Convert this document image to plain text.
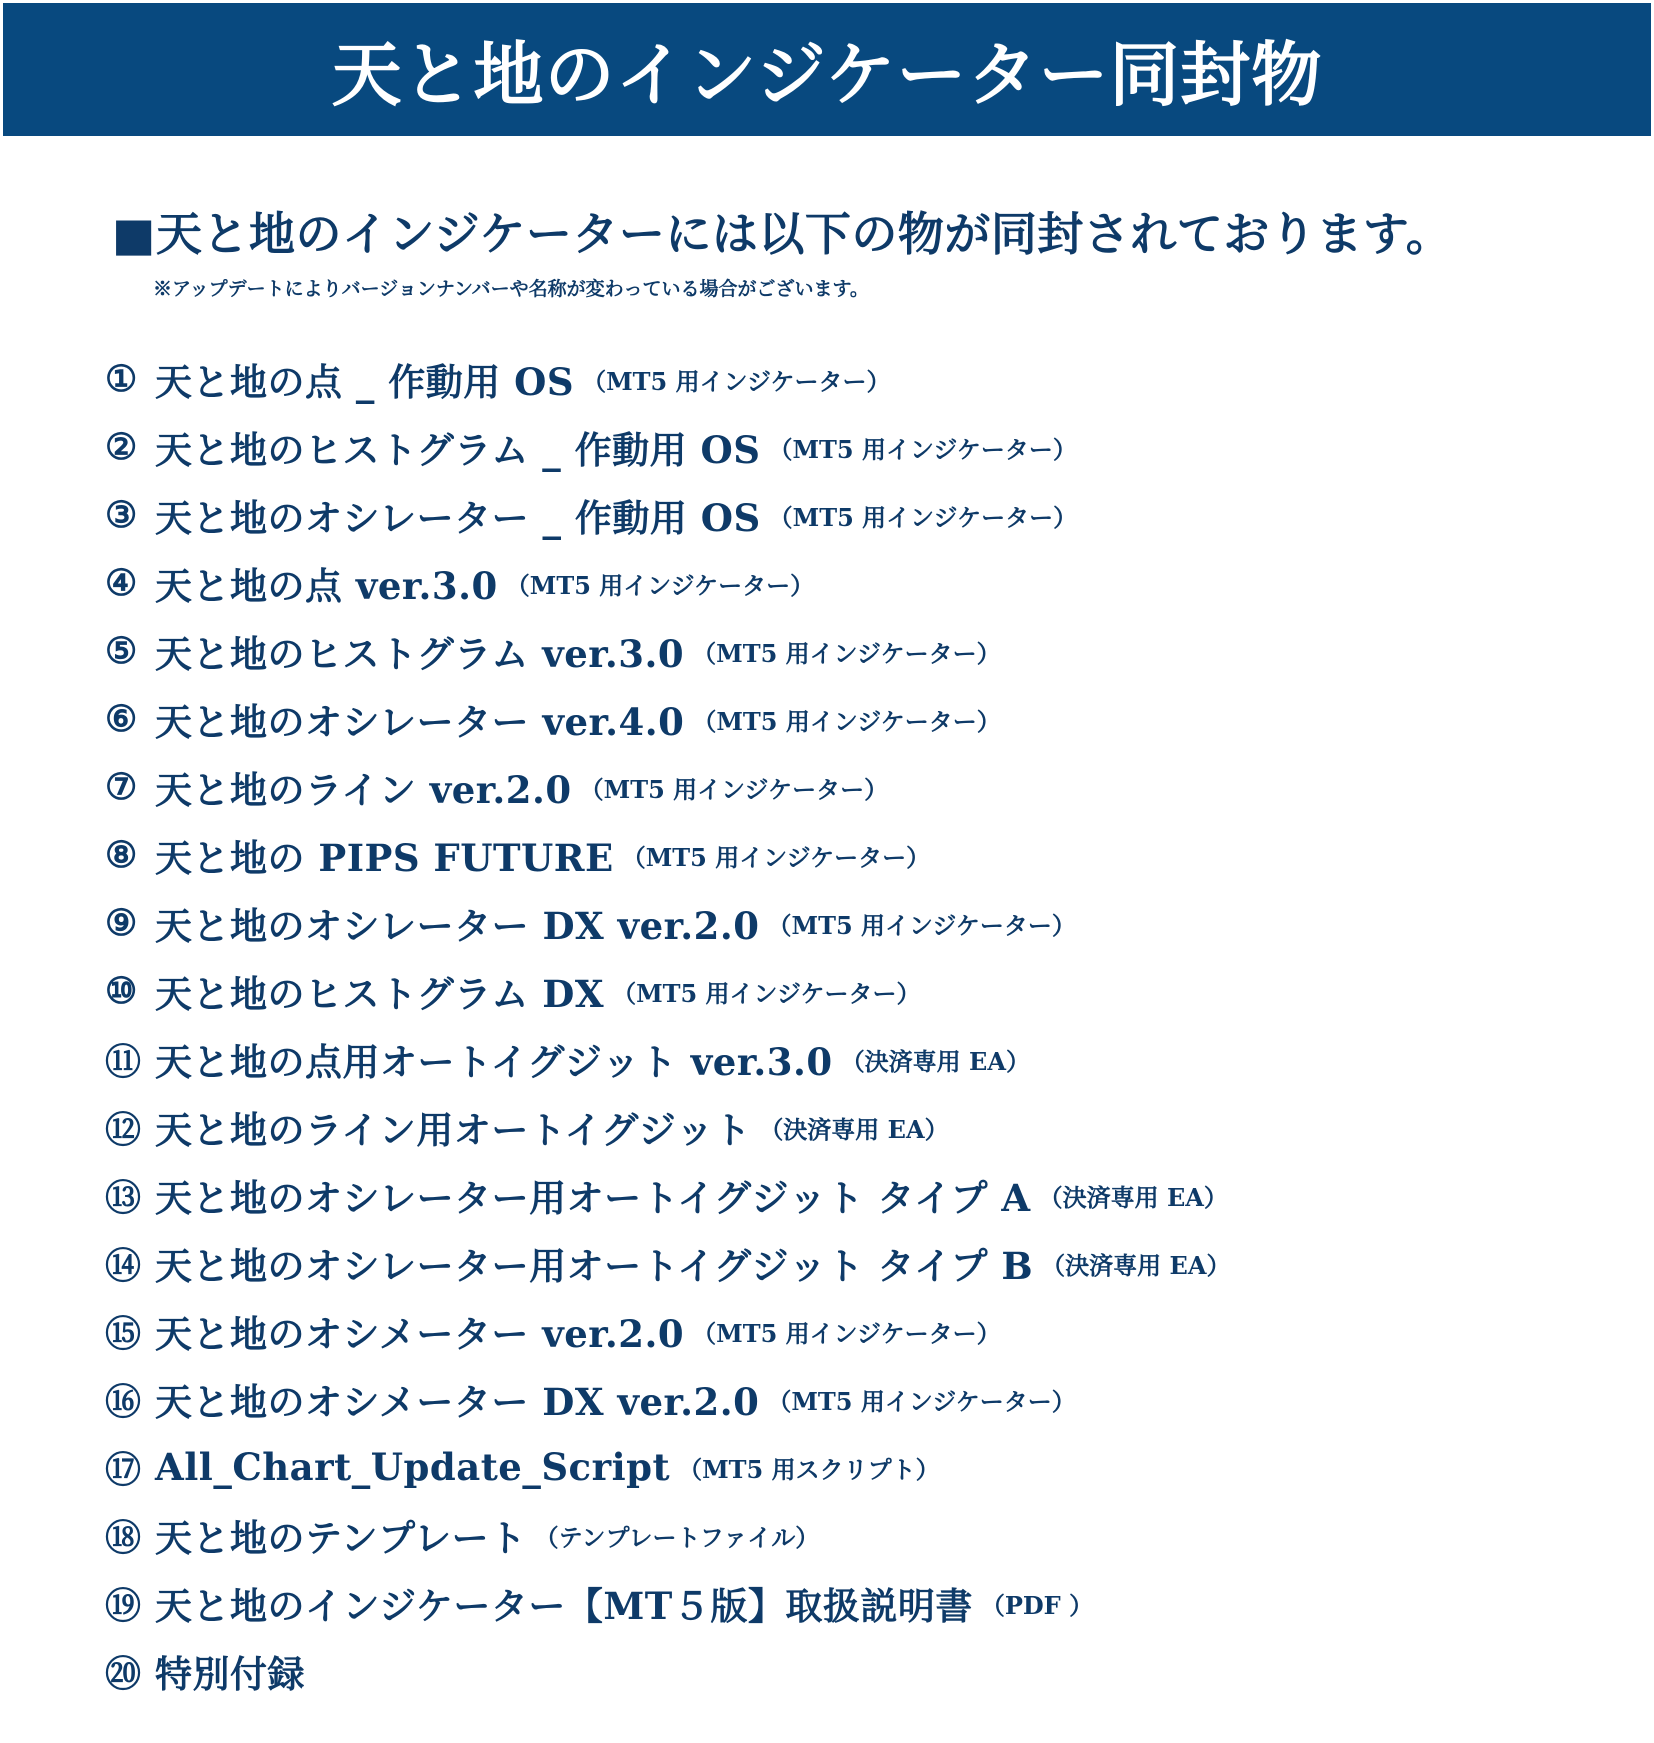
天と地のインジケーター同封物
■天と地のインジケーターには以下の物が同封されております。
※アップデートによりバージョンナンバーや名称が変わっている場合がございます。
① 天と地の点 _ 作動用 OS （MT5 用インジケーター）
② 天と地のヒストグラム _ 作動用 OS （MT5 用インジケーター）
③ 天と地のオシレーター _ 作動用 OS （MT5 用インジケーター）
④ 天と地の点 ver.3.0 （MT5 用インジケーター）
⑤ 天と地のヒストグラム ver.3.0 （MT5 用インジケーター）
⑥ 天と地のオシレーター ver.4.0 （MT5 用インジケーター）
⑦ 天と地のライン ver.2.0 （MT5 用インジケーター）
⑧ 天と地の PIPS FUTURE （MT5 用インジケーター）
⑨ 天と地のオシレーター DX ver.2.0 （MT5 用インジケーター）
⑩ 天と地のヒストグラム DX （MT5 用インジケーター）
⑪ 天と地の点用オートイグジット ver.3.0 （決済専用 EA）
⑫ 天と地のライン用オートイグジット （決済専用 EA）
⑬ 天と地のオシレーター用オートイグジット タイプ A （決済専用 EA）
⑭ 天と地のオシレーター用オートイグジット タイプ B （決済専用 EA）
⑮ 天と地のオシメーター ver.2.0 （MT5 用インジケーター）
⑯ 天と地のオシメーター DX ver.2.0 （MT5 用インジケーター）
⑰ All_Chart_Update_Script （MT5 用スクリプト）
⑱ 天と地のテンプレート （テンプレートファイル）
⑲ 天と地のインジケーター【MT５版】取扱説明書 （PDF ）
⑳ 特別付録
